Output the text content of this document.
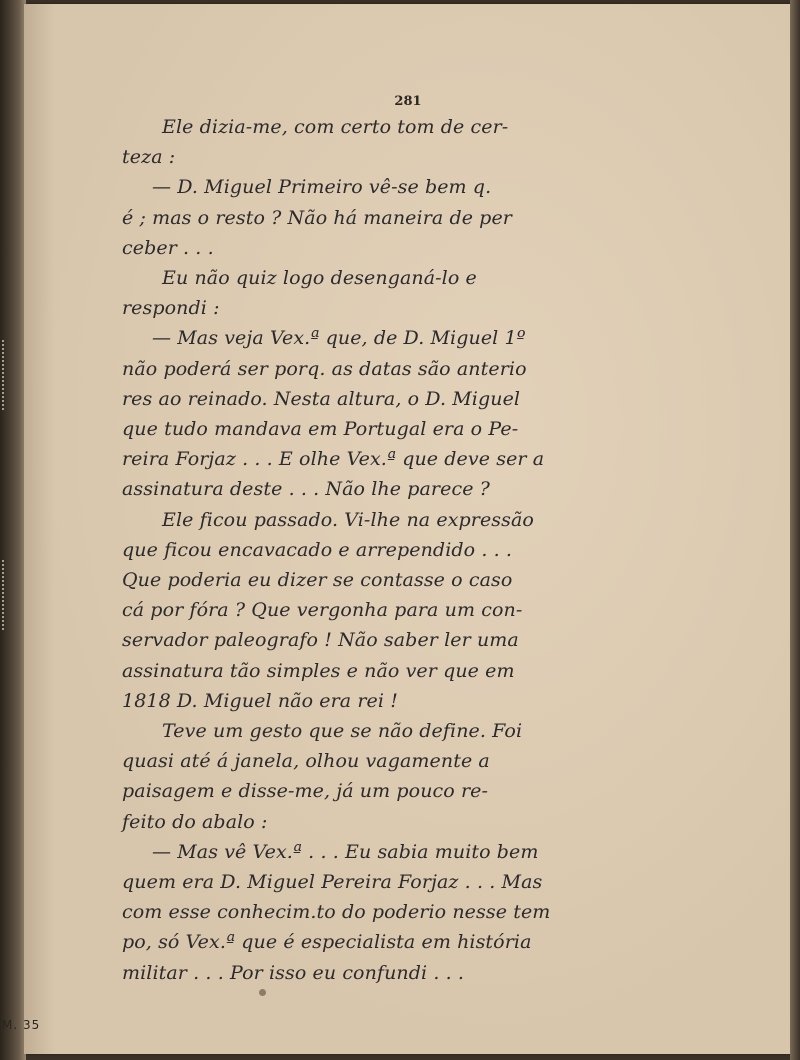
281
Ele dizia-me, com certo tom de cer-
teza :
— D. Miguel Primeiro vê-se bem q.
é ; mas o resto ? Não há maneira de per
ceber . . .
Eu não quiz logo desenganá-lo e
respondi :
— Mas veja Vex.ª que, de D. Miguel 1º
não poderá ser porq. as datas são anterio
res ao reinado. Nesta altura, o D. Miguel
que tudo mandava em Portugal era o Pe-
reira Forjaz . . . E olhe Vex.ª que deve ser a
assinatura deste . . . Não lhe parece ?
Ele ficou passado. Vi-lhe na expressão
que ficou encavacado e arrependido . . .
Que poderia eu dizer se contasse o caso
cá por fóra ? Que vergonha para um con-
servador paleografo ! Não saber ler uma
assinatura tão simples e não ver que em
1818 D. Miguel não era rei !
Teve um gesto que se não define. Foi
quasi até á janela, olhou vagamente a
paisagem e disse-me, já um pouco re-
feito do abalo :
— Mas vê Vex.ª . . . Eu sabia muito bem
quem era D. Miguel Pereira Forjaz . . . Mas
com esse conhecim.to do poderio nesse tem
po, só Vex.ª que é especialista em história
militar . . . Por isso eu confundi . . .
M. 35
